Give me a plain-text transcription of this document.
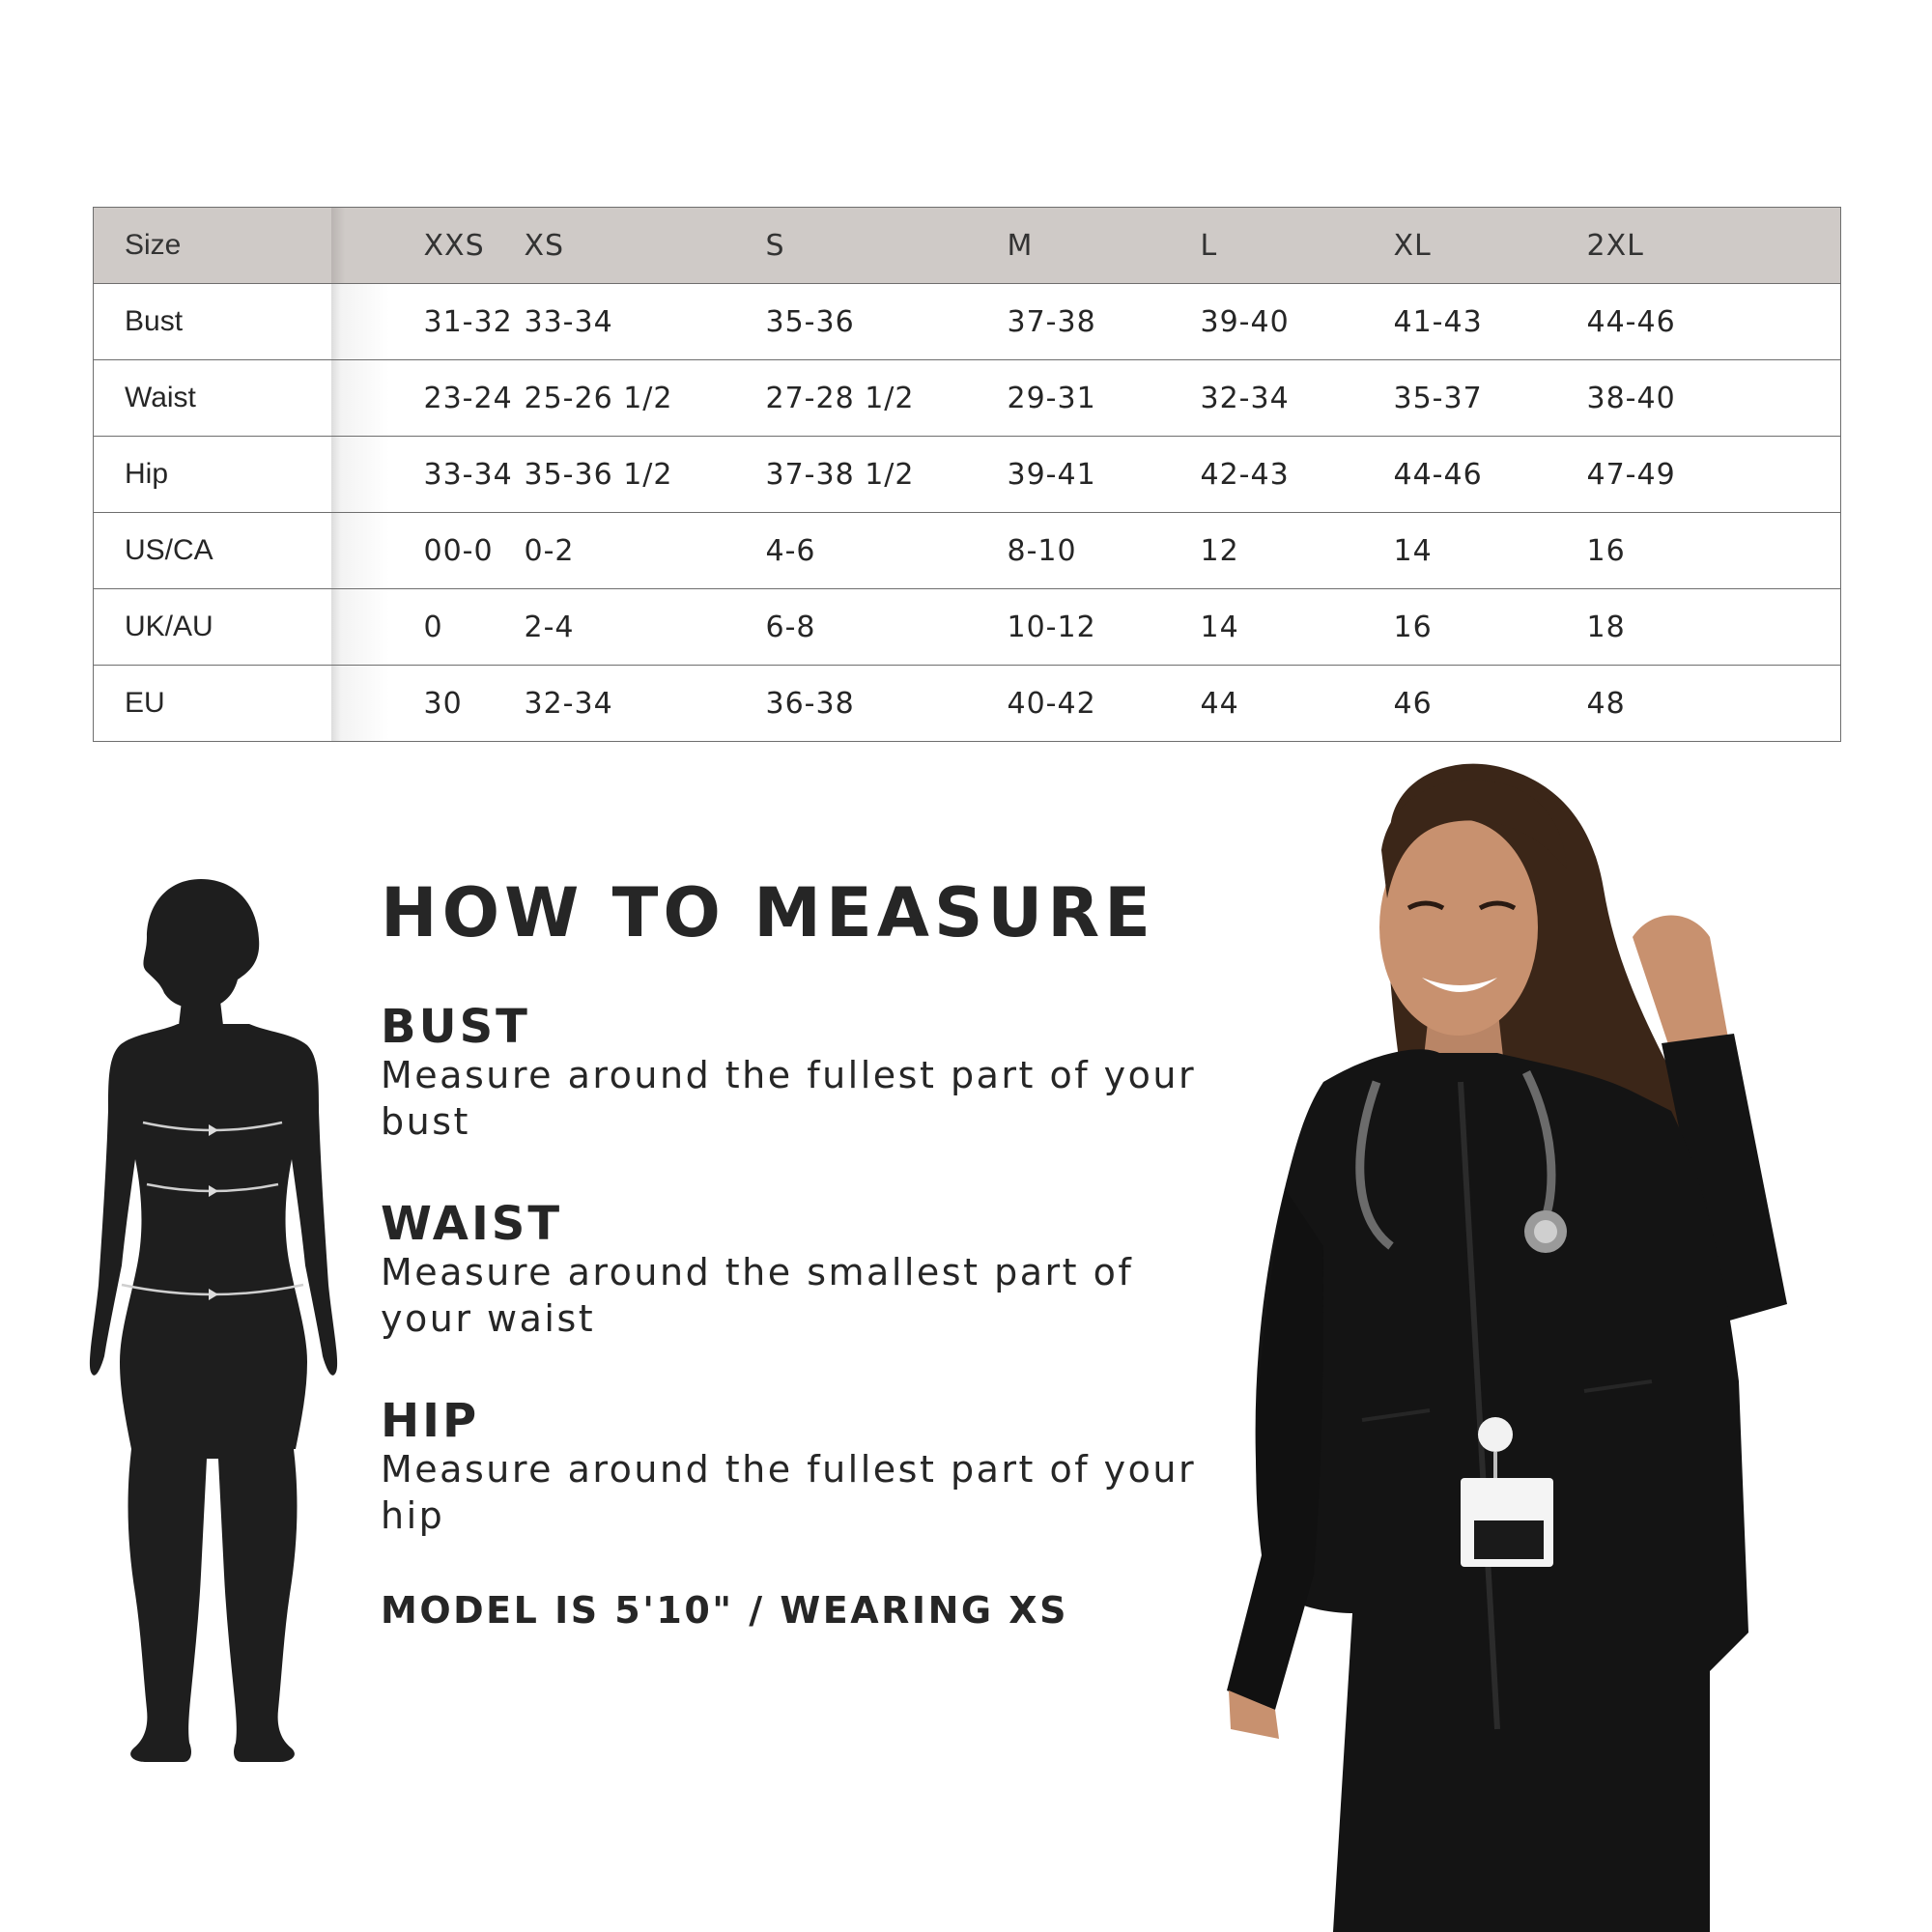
Size	XXS	XS	S	M	L	XL	2XL
Bust	31-32	33-34	35-36	37-38	39-40	41-43	44-46
Waist	23-24	25-26 1/2	27-28 1/2	29-31	32-34	35-37	38-40
Hip	33-34	35-36 1/2	37-38 1/2	39-41	42-43	44-46	47-49
US/CA	00-0	0-2	4-6	8-10	12	14	16
UK/AU	0	2-4	6-8	10-12	14	16	18
EU	30	32-34	36-38	40-42	44	46	48
HOW TO MEASURE

BUST

Measure around the fullest part of your bust

WAIST

Measure around the smallest part of your waist

HIP

Measure around the fullest part of your hip

MODEL IS 5'10" / WEARING XS
